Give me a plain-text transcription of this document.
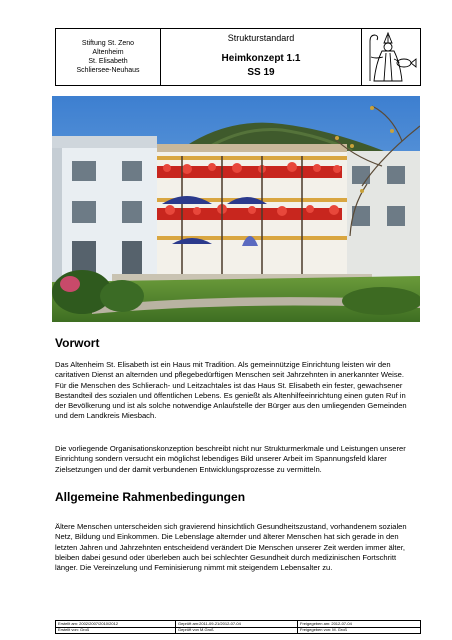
Stiftung St. Zeno
Altenheim
St. Elisabeth
Schliersee-Neuhaus
Strukturstandard
Heimkonzept 1.1
SS 19
Vorwort

Das Altenheim St. Elisabeth ist ein Haus mit Tradition. Als gemeinnützige Einrichtung leisten wir den caritativen Dienst an alternden und pflegebedürftigen Menschen seit Jahrzehnten in anerkannter Weise. Für die Menschen des Schlierach- und Leitzachtales ist das Haus St. Elisabeth ein fester, gewachsener Bestandteil des sozialen und öffentlichen Lebens. Es genießt als Altenhilfeeinrichtung einen guten Ruf in der Bevölkerung und ist als solche notwendige Anlaufstelle der Bürger aus den umliegenden Gemeinden und dem Landkreis Miesbach.

Die vorliegende Organisationskonzeption beschreibt nicht nur Strukturmerkmale und Leistungen unserer Einrichtung sondern versucht ein möglichst lebendiges Bild unserer Arbeit im Spannungsfeld klarer Zielsetzungen und der damit verbundenen Entwicklungsprozesse zu vermitteln.

Allgemeine Rahmenbedingungen

Ältere Menschen unterscheiden sich gravierend hinsichtlich Gesundheitszustand, vorhandenem sozialen Netz, Bildung und Einkommen. Die Lebenslage alternder und älterer Menschen hat sich gerade in den letzten Jahren und Jahrzehnten entscheidend verändert Die Menschen unserer Zeit werden immer älter, bleiben dabei gesund oder überleben auch bei schlechter Gesundheit durch medizinischen Fortschritt länger. Die Vereinzelung und Feminisierung nimmt mit steigendem Lebensalter zu.

Erstellt am: 2002/2007/2010/2012	Geprüft am:2011-09-21/2012-07-04	Freigegeben am: 2012-07-04
Erstellt von: Groß	Geprüft von M.Groß	Freigegeben von: M. Groß
